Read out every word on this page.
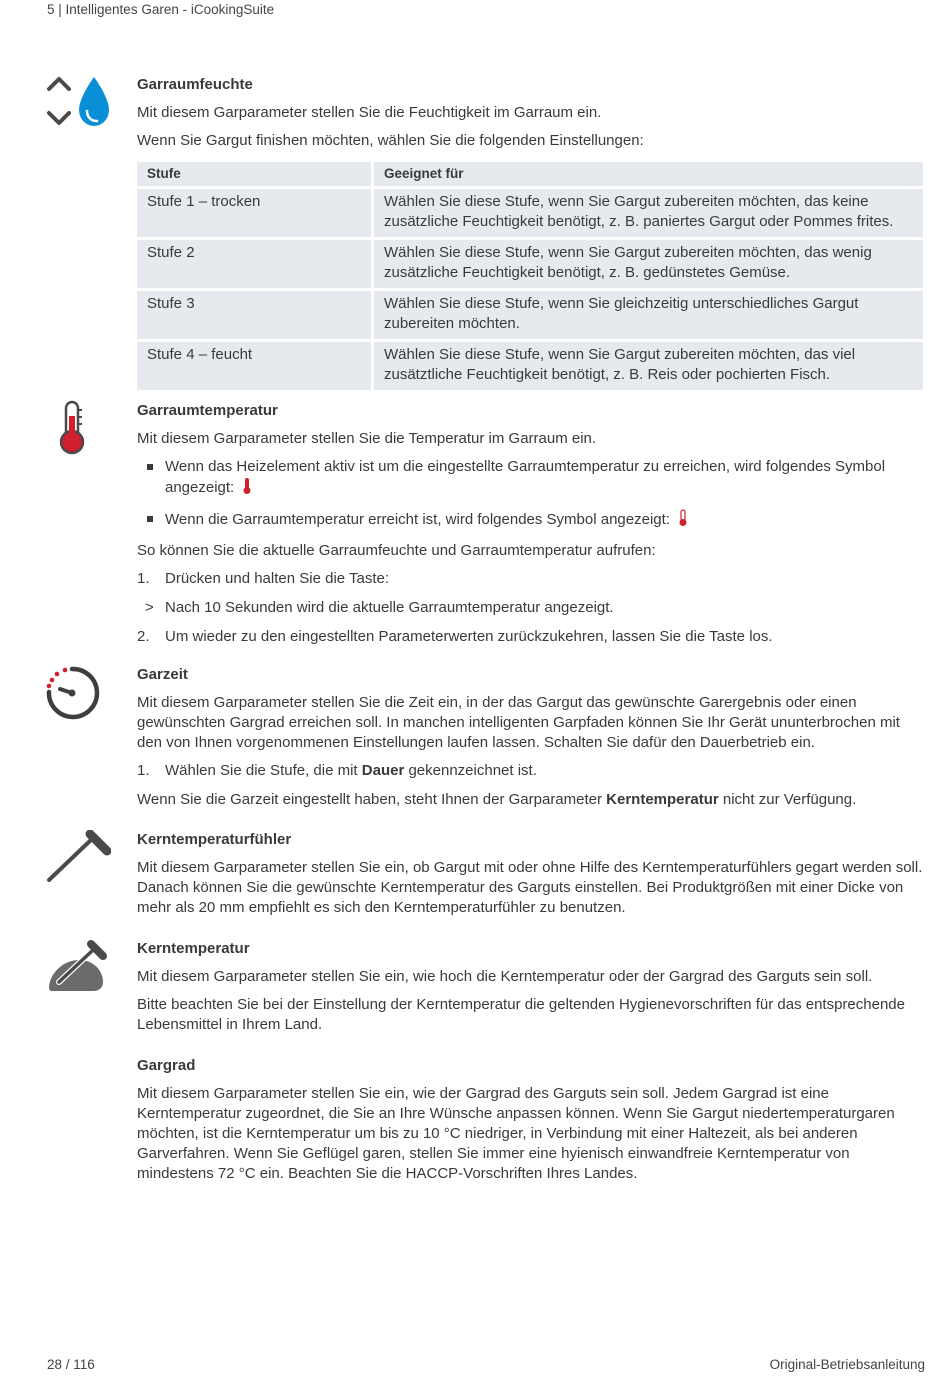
5 | Intelligentes Garen - iCookingSuite
28 / 116	Original-Betriebsanleitung
Garraumfeuchte

Mit diesem Garparameter stellen Sie die Feuchtigkeit im Garraum ein.

Wenn Sie Gargut finishen möchten, wählen Sie die folgenden Einstellungen:

Stufe	Geeignet für
Stufe 1 – trocken	Wählen Sie diese Stufe, wenn Sie Gargut zubereiten möchten, das keine zusätzliche Feuchtigkeit benötigt, z. B. paniertes Gargut oder Pommes frites.
Stufe 2	Wählen Sie diese Stufe, wenn Sie Gargut zubereiten möchten, das wenig zusätzliche Feuchtigkeit benötigt, z. B. gedünstetes Gemüse.
Stufe 3	Wählen Sie diese Stufe, wenn Sie gleichzeitig unterschiedliches Gargut zubereiten möchten.
Stufe 4 – feucht	Wählen Sie diese Stufe, wenn Sie Gargut zubereiten möchten, das viel zusätztliche Feuchtigkeit benötigt, z. B. Reis oder pochierten Fisch.
Garraumtemperatur

Mit diesem Garparameter stellen Sie die Temperatur im Garraum ein.

Wenn das Heizelement aktiv ist um die eingestellte Garraumtemperatur zu erreichen, wird folgendes Symbol angezeigt:
Wenn die Garraumtemperatur erreicht ist, wird folgendes Symbol angezeigt:

So können Sie die aktuelle Garraumfeuchte und Garraumtemperatur aufrufen:

1. Drücken und halten Sie die Taste:
> Nach 10 Sekunden wird die aktuelle Garraumtemperatur angezeigt.
2. Um wieder zu den eingestellten Parameterwerten zurückzukehren, lassen Sie die Taste los.
Garzeit

Mit diesem Garparameter stellen Sie die Zeit ein, in der das Gargut das gewünschte Garergebnis oder einen gewünschten Gargrad erreichen soll. In manchen intelligenten Garpfaden können Sie Ihr Gerät ununterbrochen mit den von Ihnen vorgenommenen Einstellungen laufen lassen. Schalten Sie dafür den Dauerbetrieb ein.

1. Wählen Sie die Stufe, die mit Dauer gekennzeichnet ist.

Wenn Sie die Garzeit eingestellt haben, steht Ihnen der Garparameter Kerntemperatur nicht zur Verfügung.

Kerntemperaturfühler

Mit diesem Garparameter stellen Sie ein, ob Gargut mit oder ohne Hilfe des Kerntemperaturfühlers gegart werden soll. Danach können Sie die gewünschte Kerntemperatur des Garguts einstellen. Bei Produktgrößen mit einer Dicke von mehr als 20 mm empfiehlt es sich den Kerntemperaturfühler zu benutzen.

Kerntemperatur

Mit diesem Garparameter stellen Sie ein, wie hoch die Kerntemperatur oder der Gargrad des Garguts sein soll.

Bitte beachten Sie bei der Einstellung der Kerntemperatur die geltenden Hygienevorschriften für das entsprechende Lebensmittel in Ihrem Land.

Gargrad

Mit diesem Garparameter stellen Sie ein, wie der Gargrad des Garguts sein soll. Jedem Gargrad ist eine Kerntemperatur zugeordnet, die Sie an Ihre Wünsche anpassen können. Wenn Sie Gargut niedertemperaturgaren möchten, ist die Kerntemperatur um bis zu 10 °C niedriger, in Verbindung mit einer Haltezeit, als bei anderen Garverfahren. Wenn Sie Geflügel garen, stellen Sie immer eine hyienisch einwandfreie Kerntemperatur von mindestens 72 °C ein. Beachten Sie die HACCP-Vorschriften Ihres Landes.
